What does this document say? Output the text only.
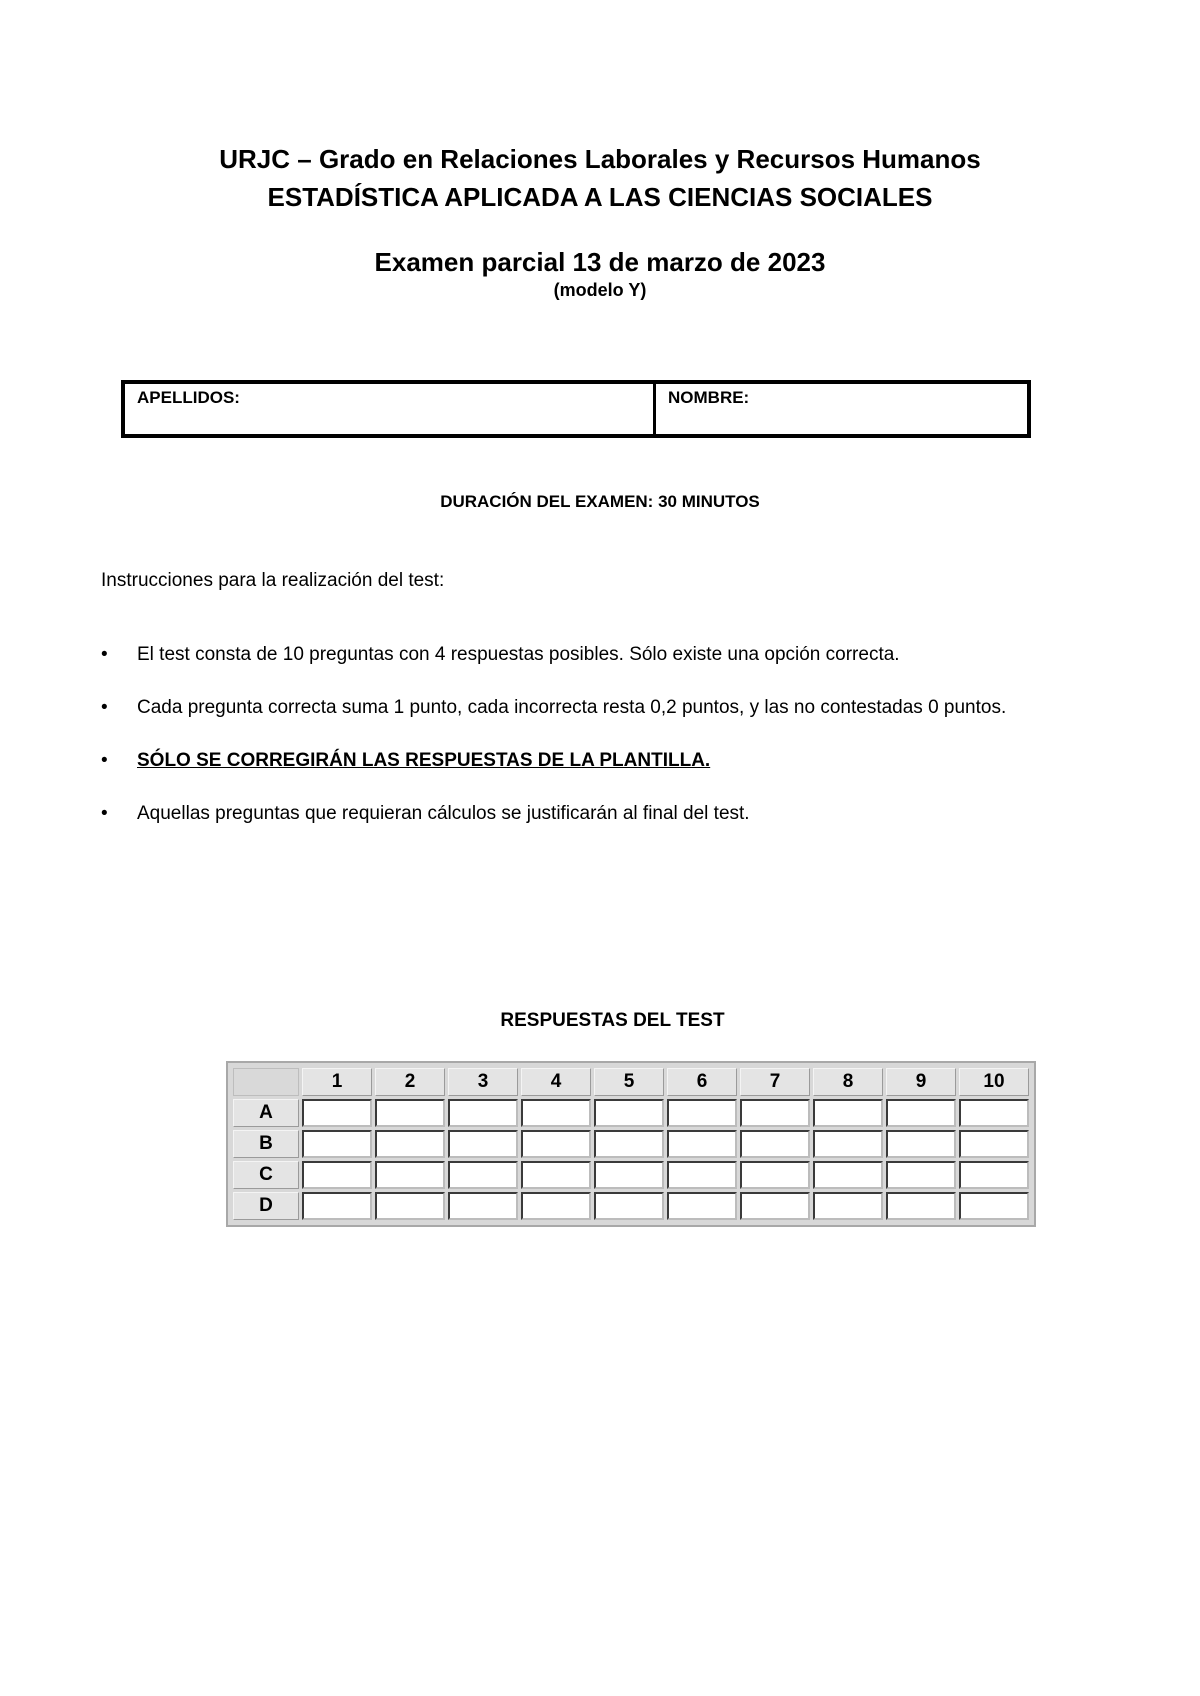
URJC – Grado en Relaciones Laborales y Recursos Humanos
ESTADÍSTICA APLICADA A LAS CIENCIAS SOCIALES
Examen parcial 13 de marzo de 2023
(modelo Y)
APELLIDOS:	NOMBRE:
DURACIÓN DEL EXAMEN: 30 MINUTOS
Instrucciones para la realización del test:
• El test consta de 10 preguntas con 4 respuestas posibles. Sólo existe una opción correcta.
• Cada pregunta correcta suma 1 punto, cada incorrecta resta 0,2 puntos, y las no contestadas 0 puntos.
• SÓLO SE CORREGIRÁN LAS RESPUESTAS DE LA PLANTILLA.
• Aquellas preguntas que requieran cálculos se justificarán al final del test.
RESPUESTAS DEL TEST
	1	2	3	4	5	6	7	8	9	10
A										
B										
C										
D										
